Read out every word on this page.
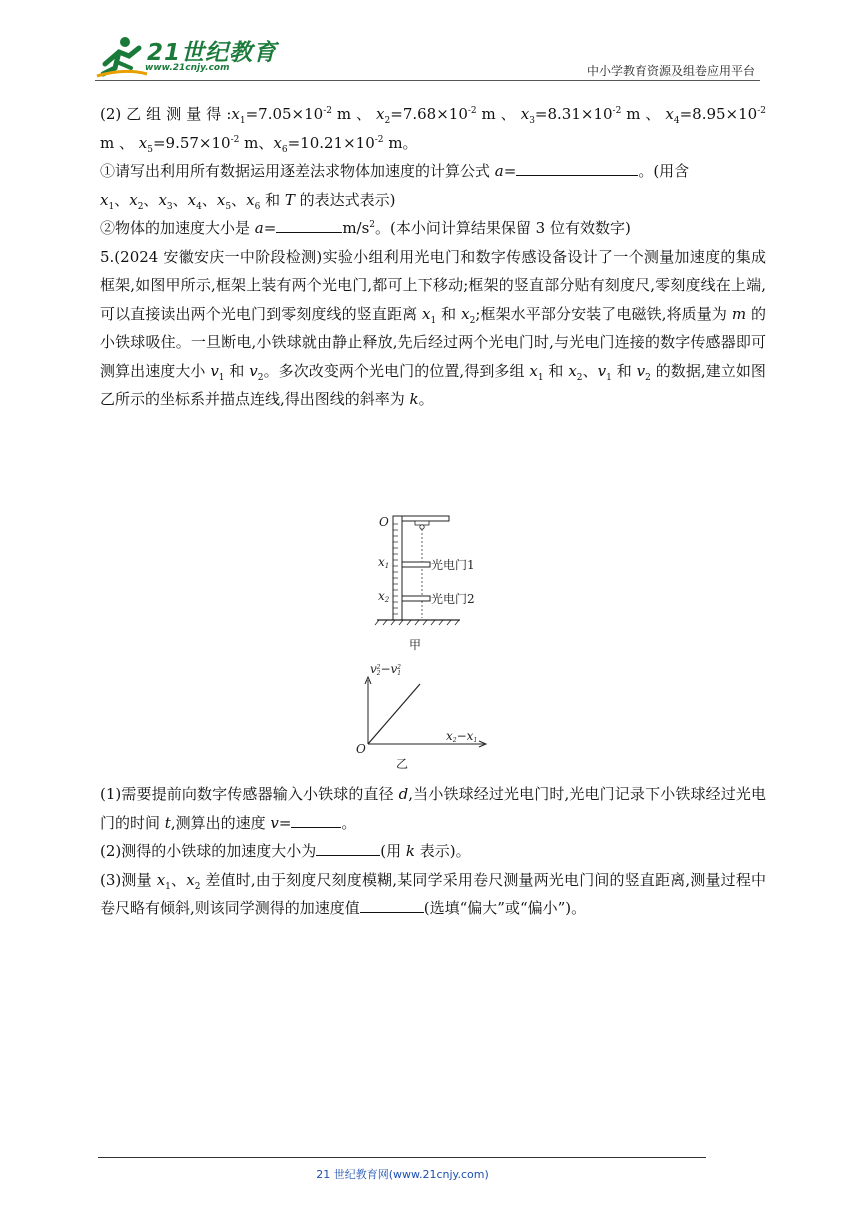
21世纪教育
www.21cnjy.com	中小学教育资源及组卷应用平台

(2) 乙 组 测 量 得 $:x_1=7.05\times 10^{-2}$ m 、 $x_2=7.68\times 10^{-2}$ m 、 $x_3=8.31\times 10^{-2}$ m 、 $x_4=8.95\times 10^{-2}$ m 、 $x_5=9.57\times 10^{-2}$ m、$x_6=10.21\times 10^{-2}$ m。

①请写出利用所有数据运用逐差法求物体加速度的计算公式 a=	。(用含
$x_1$、$x_2$、$x_3$、$x_4$、$x_5$、$x_6$ 和 T 的表达式表示)

②物体的加速度大小是 a=	$m/s^2$。(本小问计算结果保留 3 位有效数字)

5.(2024 安徽安庆一中阶段检测)实验小组利用光电门和数字传感设备设计了一个测量加速度的集成框架,如图甲所示,框架上装有两个光电门,都可上下移动;框架的竖直部分贴有刻度尺,零刻度线在上端,可以直接读出两个光电门到零刻度线的竖直距离 $x_1$ 和 $x_2$;框架水平部分安装了电磁铁,将质量为 m 的小铁球吸住。一旦断电,小铁球就由静止释放,先后经过两个光电门时,与光电门连接的数字传感器即可测算出速度大小 $v_1$ 和 $v_2$。多次改变两个光电门的位置,得到多组 $x_1$ 和 $x_2$、$v_1$ 和 $v_2$ 的数据,建立如图乙所示的坐标系并描点连线,得出图线的斜率为 k。

O
x1
x2
光电门1
光电门2
甲
v22−v12
x2−x1
O
乙

(1)需要提前向数字传感器输入小铁球的直径 d,当小铁球经过光电门时,光电门记录下小铁球经过光电门的时间 t,测算出的速度 v=	。

(2)测得的小铁球的加速度大小为	(用 k 表示)。

(3)测量 $x_1$、$x_2$ 差值时,由于刻度尺刻度模糊,某同学采用卷尺测量两光电门间的竖直距离,测量过程中卷尺略有倾斜,则该同学测得的加速度值	(选填“偏大”或“偏小”)。

21 世纪教育网(www.21cnjy.com)
